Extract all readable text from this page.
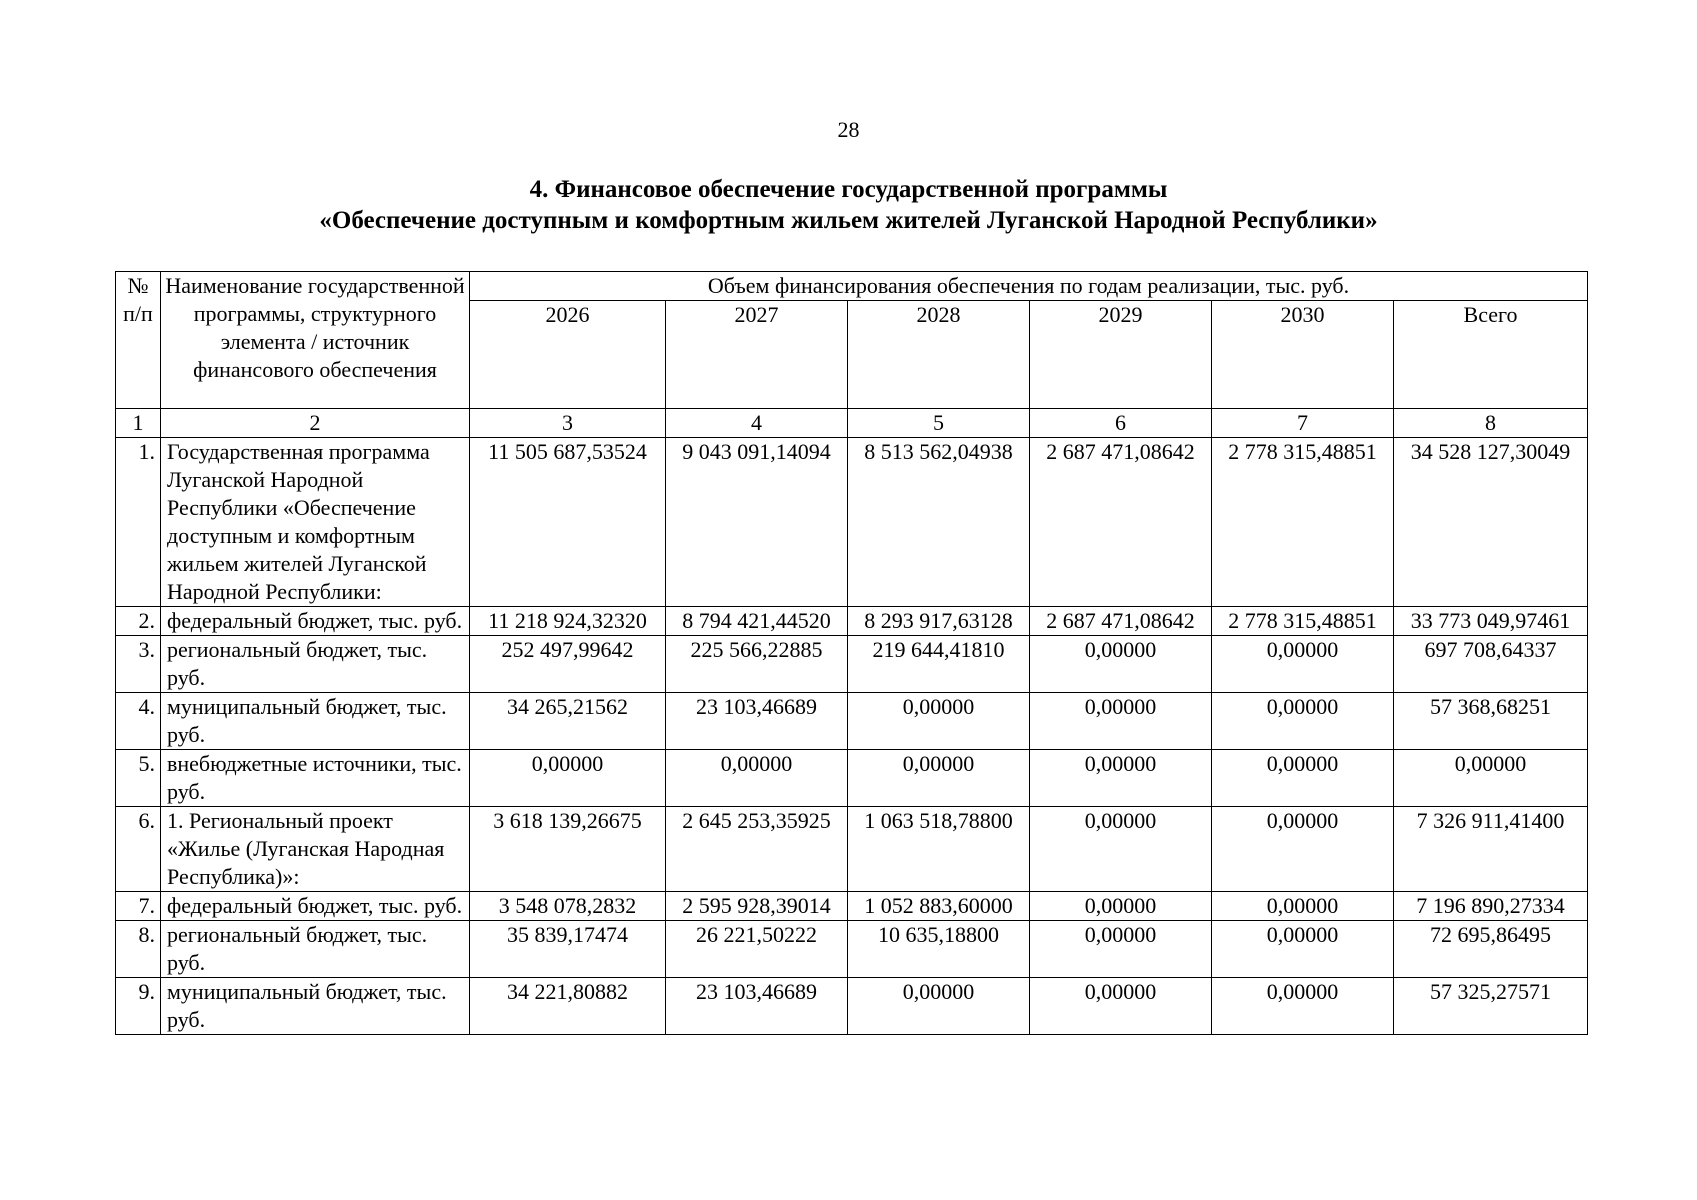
28
4. Финансовое обеспечение государственной программы
«Обеспечение доступным и комфортным жильем жителей Луганской Народной Республики»
№ п/п	Наименование государственной программы, структурного элемента / источник финансового обеспечения	Объем финансирования обеспечения по годам реализации, тыс. руб.					
		2026	2027	2028	2029	2030	Всего
1	2	3	4	5	6	7	8
1.	Государственная программа Луганской Народной Республики «Обеспечение доступным и комфортным жильем жителей Луганской Народной Республики:	11 505 687,53524	9 043 091,14094	8 513 562,04938	2 687 471,08642	2 778 315,48851	34 528 127,30049
2.	федеральный бюджет, тыс. руб.	11 218 924,32320	8 794 421,44520	8 293 917,63128	2 687 471,08642	2 778 315,48851	33 773 049,97461
3.	региональный бюджет, тыс. руб.	252 497,99642	225 566,22885	219 644,41810	0,00000	0,00000	697 708,64337
4.	муниципальный бюджет, тыс. руб.	34 265,21562	23 103,46689	0,00000	0,00000	0,00000	57 368,68251
5.	внебюджетные источники, тыс. руб.	0,00000	0,00000	0,00000	0,00000	0,00000	0,00000
6.	1. Региональный проект «Жилье (Луганская Народная Республика)»:	3 618 139,26675	2 645 253,35925	1 063 518,78800	0,00000	0,00000	7 326 911,41400
7.	федеральный бюджет, тыс. руб.	3 548 078,2832	2 595 928,39014	1 052 883,60000	0,00000	0,00000	7 196 890,27334
8.	региональный бюджет, тыс. руб.	35 839,17474	26 221,50222	10 635,18800	0,00000	0,00000	72 695,86495
9.	муниципальный бюджет, тыс. руб.	34 221,80882	23 103,46689	0,00000	0,00000	0,00000	57 325,27571
